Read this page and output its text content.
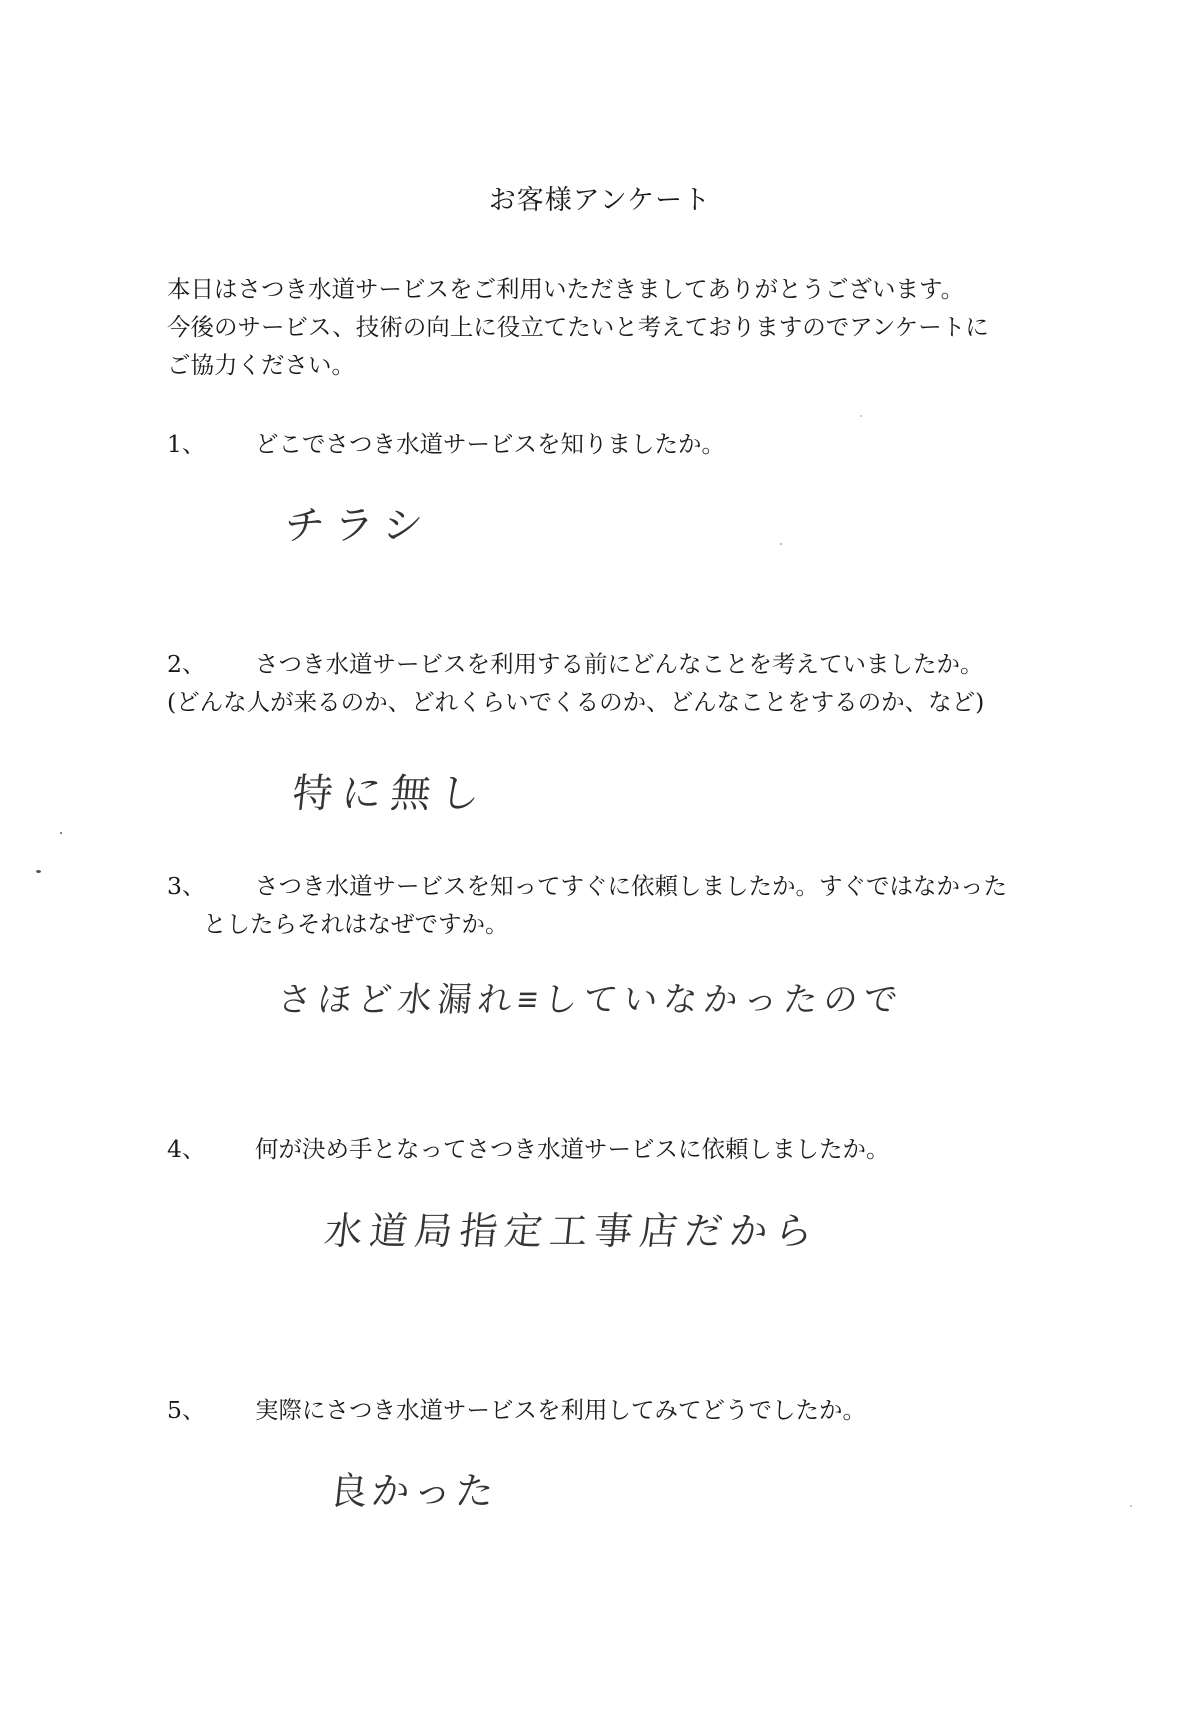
お客様アンケート
本日はさつき水道サービスをご利用いただきましてありがとうございます。
今後のサービス、技術の向上に役立てたいと考えておりますのでアンケートに
ご協力ください。
1、 どこでさつき水道サービスを知りましたか。
チラシ
2、 さつき水道サービスを利用する前にどんなことを考えていましたか。
(どんな人が来るのか、どれくらいでくるのか、どんなことをするのか、など)
特に無し
3、 さつき水道サービスを知ってすぐに依頼しましたか。すぐではなかった
としたらそれはなぜですか。
さほど水漏れ≡していなかったので
4、 何が決め手となってさつき水道サービスに依頼しましたか。
水道局指定工事店だから
5、 実際にさつき水道サービスを利用してみてどうでしたか。
良かった
